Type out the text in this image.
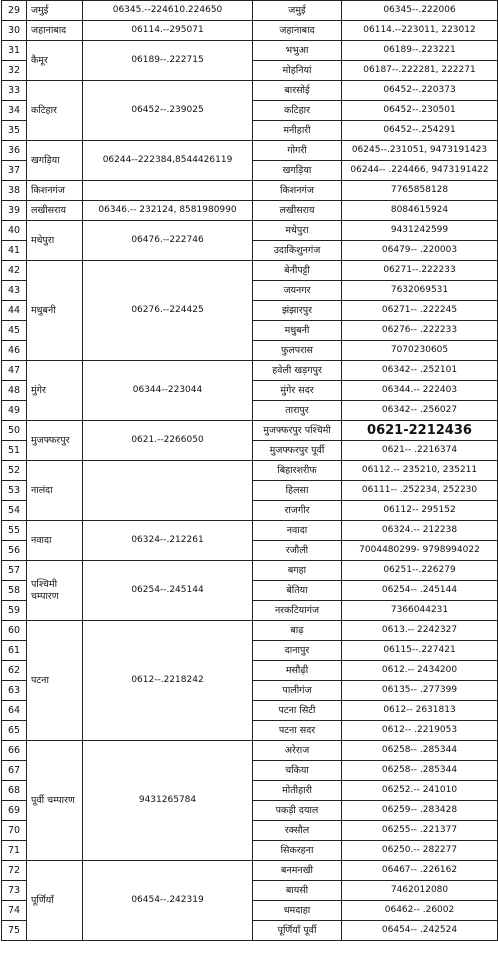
29	जमुई	06345.--224610.224650	जमुई	06345--.222006
30	जहानाबाद	06114.--295071	जहानाबाद	06114.--223011, 223012
31	कैमूर	06189--.222715	भभुआ	06189--.223221
32			मोहनियां	06187--.222281, 222271
33	कटिहार	06452--.239025	बारसोई	06452--.220373
34			कटिहार	06452--.230501
35			मनीहारी	06452--.254291
36	खगड़िया	06244--222384,8544426119	गोगरी	06245--.231051, 9473191423
37			खगड़िया	06244-- .224466, 9473191422
38	किशनगंज		किशनगंज	7765858128
39	लखीसराय	06346.-- 232124, 8581980990	लखीसराय	8084615924
40	मधेपुरा	06476.--222746	मधेपुरा	9431242599
41			उदाकिशुनगंज	06479-- .220003
42	मधुबनी	06276.--224425	बेनीपट्टी	06271--.222233
43			जयनगर	7632069531
44			झंझारपुर	06271-- .222245
45			मधुबनी	06276-- .222233
46			फुलपरास	7070230605
47	मुंगेर	06344--223044	हवेली खड़गपुर	06342-- .252101
48			मुंगेर सदर	06344.-- 222403
49			तारापुर	06342-- .256027
50	मुजफ्फरपुर	0621.--2266050	मुजफ्फरपुर पश्चिमी	0621-2212436
51			मुजफ्फरपुर पूर्वी	0621-- .2216374
52	नालंदा		बिहारशरीफ	06112.-- 235210, 235211
53			हिलसा	06111-- .252234, 252230
54			राजगीर	06112-- 295152
55	नवादा	06324--.212261	नवादा	06324.-- 212238
56			रजौली	7004480299- 9798994022
57	पश्चिमी चम्पारण	06254--.245144	बगहा	06251--.226279
58			बेतिया	06254-- .245144
59			नरकटियागंज	7366044231
60	पटना	0612--.2218242	बाढ़	0613.-- 2242327
61			दानापुर	06115--.227421
62			मसौढ़ी	0612.-- 2434200
63			पालीगंज	06135-- .277399
64			पटना सिटी	0612-- 2631813
65			पटना सदर	0612-- .2219053
66	पूर्वी चम्पारण	9431265784	अरेराज	06258-- .285344
67			चकिया	06258-- .285344
68			मोतीहारी	06252.-- 241010
69			पकड़ी दयाल	06259-- .283428
70			रक्सौल	06255-- .221377
71			सिकरहना	06250.-- 282277
72	पूर्णियाँ	06454--.242319	बनमनखी	06467-- .226162
73			बायसी	7462012080
74			धमदाहा	06462-- .26002
75			पूर्णियाँ पूर्वी	06454-- .242524
